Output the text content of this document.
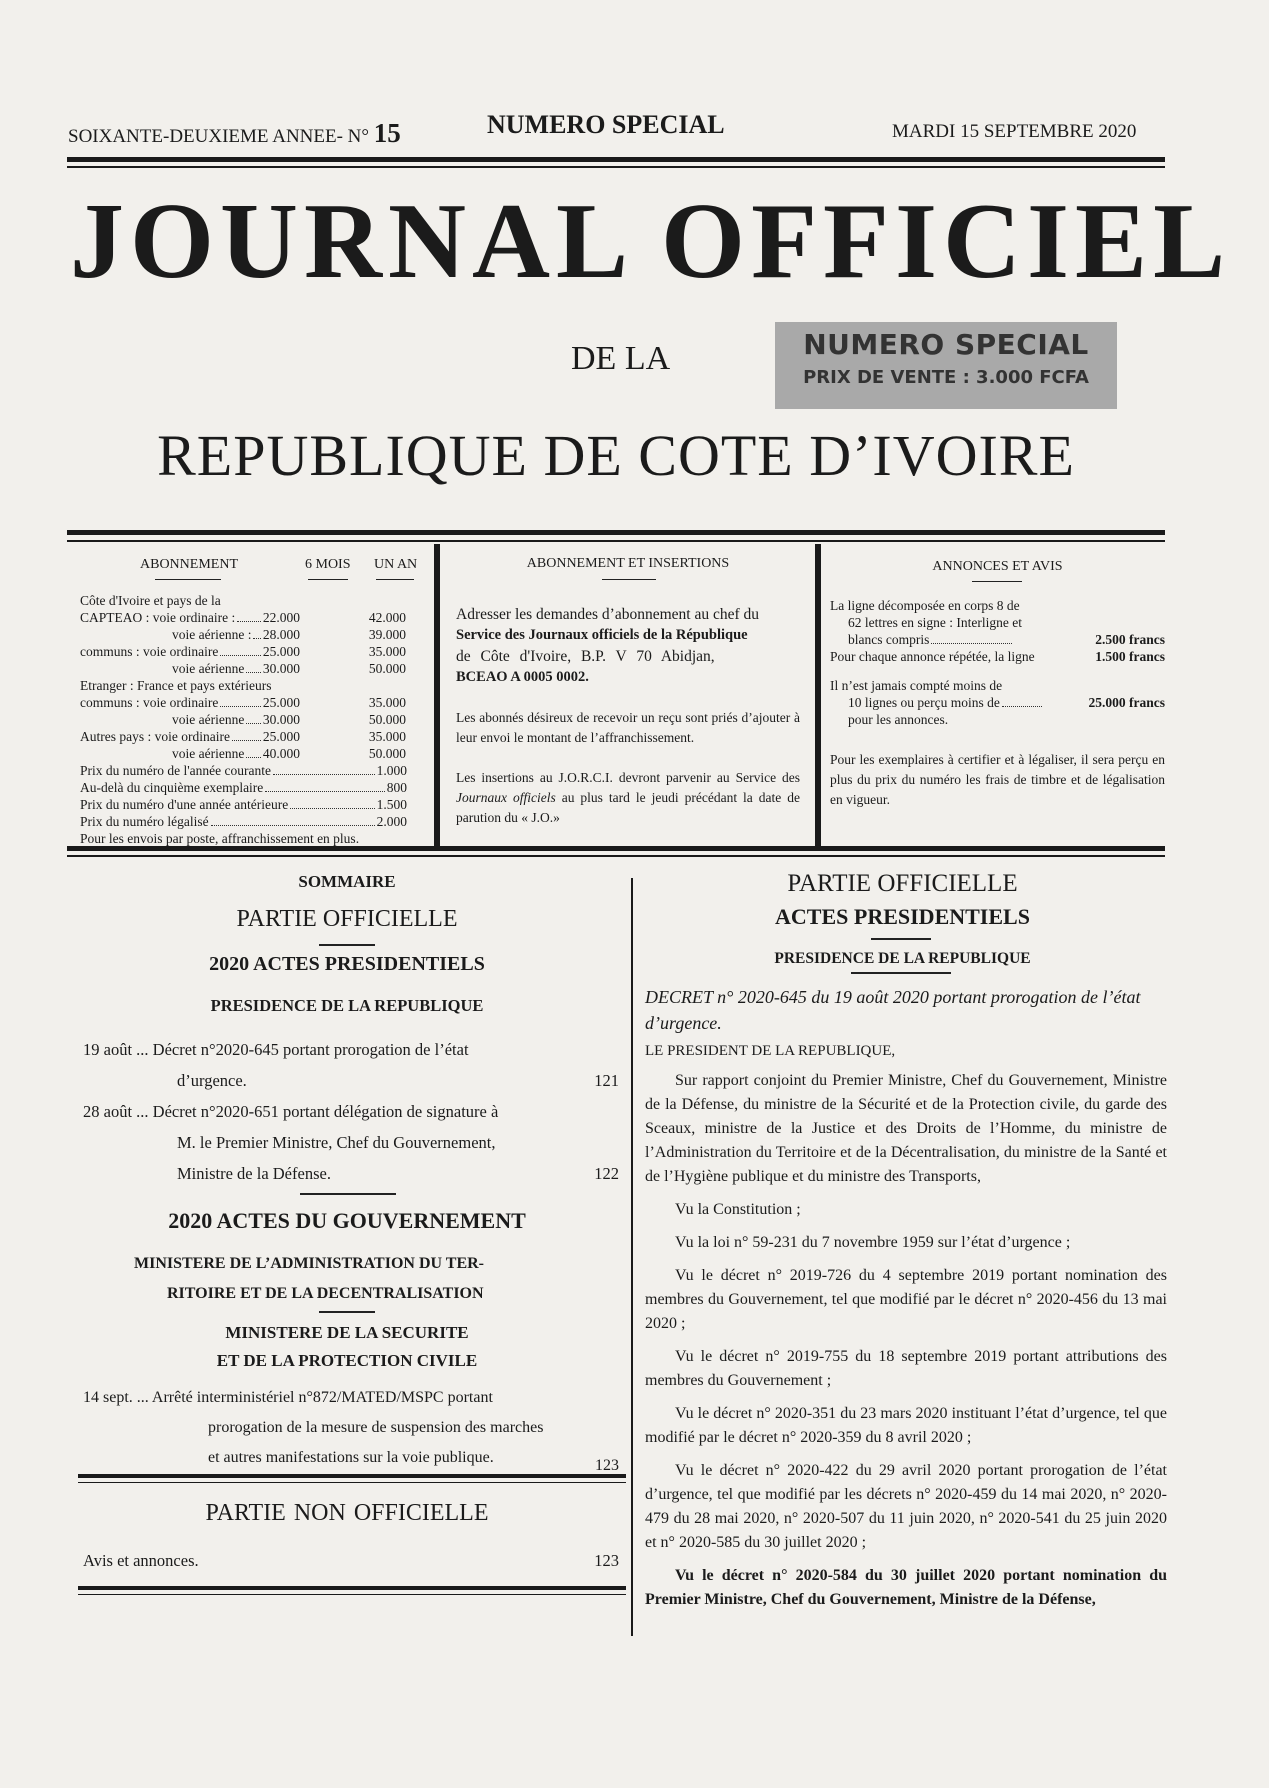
SOIXANTE-DEUXIEME ANNEE- N° 15	NUMERO SPECIAL	MARDI 15 SEPTEMBRE 2020
JOURNAL OFFICIEL
DE LA	NUMERO SPECIAL
PRIX DE VENTE : 3.000 FCFA
REPUBLIQUE DE COTE D’IVOIRE
ABONNEMENT	6 MOIS UN AN
Côte d'Ivoire et pays de la
CAPTEAO : voie ordinaire : 22.000	42.000
voie aérienne : 28.000	39.000
communs : voie ordinaire	25.000	35.000
voie aérienne 30.000	50.000
Etranger : France et pays extérieurs
communs : voie ordinaire	25.000	35.000
voie aérienne 30.000	50.000
Autres pays : voie ordinaire 25.000	35.000
voie aérienne 40.000	50.000
Prix du numéro de l'année courante	1.000
Au-delà du cinquième exemplaire	800
Prix du numéro d'une année antérieure	1.500
Prix du numéro légalisé	2.000
Pour les envois par poste, affranchissement en plus.
ABONNEMENT ET INSERTIONS
Adresser les demandes d’abonnement au chef du
Service des Journaux officiels de la République
de Côte d'Ivoire, B.P. V 70 Abidjan,
BCEAO A 0005 0002.
Les abonnés désireux de recevoir un reçu sont priés d’ajouter à leur envoi le montant de l’affranchissement.
Les insertions au J.O.R.C.I. devront parvenir au Service des Journaux officiels au plus tard le jeudi précédant la date de parution du « J.O.»
ANNONCES ET AVIS
La ligne décomposée en corps 8 de
62 lettres en signe : Interligne et
blancs compris	2.500 francs
Pour chaque annonce répétée, la ligne	1.500 francs
Il n’est jamais compté moins de
10 lignes ou perçu moins de	25.000 francs
pour les annonces.
Pour les exemplaires à certifier et à légaliser, il sera perçu en plus du prix du numéro les frais de timbre et de légalisation en vigueur.
SOMMAIRE
PARTIE OFFICIELLE
2020 ACTES PRESIDENTIELS
PRESIDENCE DE LA REPUBLIQUE
19 août ... Décret n°2020-645 portant prorogation de l’état
d’urgence.	121
28 août ... Décret n°2020-651 portant délégation de signature à
M. le Premier Ministre, Chef du Gouvernement,
Ministre de la Défense.	122
2020 ACTES DU GOUVERNEMENT
MINISTERE DE L’ADMINISTRATION DU TER-
RITOIRE ET DE LA DECENTRALISATION
MINISTERE DE LA SECURITE
ET DE LA PROTECTION CIVILE
14 sept. ... Arrêté interministériel n°872/MATED/MSPC portant
prorogation de la mesure de suspension des marches
et autres manifestations sur la voie publique.	123
PARTIE NON OFFICIELLE
Avis et annonces.	123
PARTIE OFFICIELLE
ACTES PRESIDENTIELS
PRESIDENCE DE LA REPUBLIQUE
DECRET n° 2020-645 du 19 août 2020 portant prorogation de l’état d’urgence.
LE PRESIDENT DE LA REPUBLIQUE,

Sur rapport conjoint du Premier Ministre, Chef du Gouvernement, Ministre de la Défense, du ministre de la Sécurité et de la Protection civile, du garde des Sceaux, ministre de la Justice et des Droits de l’Homme, du ministre de l’Administration du Territoire et de la Décentralisation, du ministre de la Santé et de l’Hygiène publique et du ministre des Transports,

Vu la Constitution ;

Vu la loi n° 59-231 du 7 novembre 1959 sur l’état d’urgence ;

Vu le décret n° 2019-726 du 4 septembre 2019 portant nomination des membres du Gouvernement, tel que modifié par le décret n° 2020-456 du 13 mai 2020 ;

Vu le décret n° 2019-755 du 18 septembre 2019 portant attributions des membres du Gouvernement ;

Vu le décret n° 2020-351 du 23 mars 2020 instituant l’état d’urgence, tel que modifié par le décret n° 2020-359 du 8 avril 2020 ;

Vu le décret n° 2020-422 du 29 avril 2020 portant prorogation de l’état d’urgence, tel que modifié par les décrets n° 2020-459 du 14 mai 2020, n° 2020-479 du 28 mai 2020, n° 2020-507 du 11 juin 2020, n° 2020-541 du 25 juin 2020 et n° 2020-585 du 30 juillet 2020 ;

Vu le décret n° 2020-584 du 30 juillet 2020 portant nomination du Premier Ministre, Chef du Gouvernement, Ministre de la Défense,
